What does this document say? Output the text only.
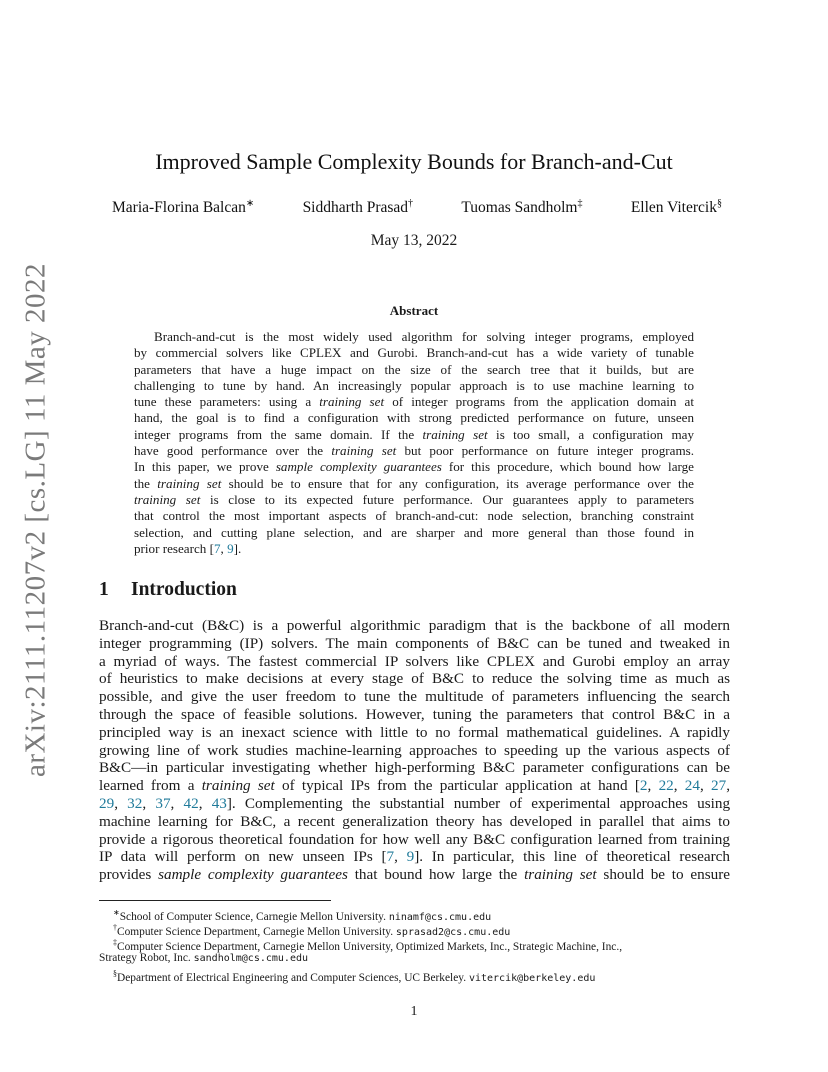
arXiv:2111.11207v2 [cs.LG] 11 May 2022
Improved Sample Complexity Bounds for Branch-and-Cut
Maria-Florina Balcan∗	Siddharth Prasad†	Tuomas Sandholm‡	Ellen Vitercik§
May 13, 2022
Abstract
Branch-and-cut is the most widely used algorithm for solving integer programs, employed
by commercial solvers like CPLEX and Gurobi. Branch-and-cut has a wide variety of tunable
parameters that have a huge impact on the size of the search tree that it builds, but are
challenging to tune by hand. An increasingly popular approach is to use machine learning to
tune these parameters: using a training set of integer programs from the application domain at
hand, the goal is to find a configuration with strong predicted performance on future, unseen
integer programs from the same domain. If the training set is too small, a configuration may
have good performance over the training set but poor performance on future integer programs.
In this paper, we prove sample complexity guarantees for this procedure, which bound how large
the training set should be to ensure that for any configuration, its average performance over the
training set is close to its expected future performance. Our guarantees apply to parameters
that control the most important aspects of branch-and-cut: node selection, branching constraint
selection, and cutting plane selection, and are sharper and more general than those found in
prior research [7, 9].
1 Introduction
Branch-and-cut (B&C) is a powerful algorithmic paradigm that is the backbone of all modern
integer programming (IP) solvers. The main components of B&C can be tuned and tweaked in
a myriad of ways. The fastest commercial IP solvers like CPLEX and Gurobi employ an array
of heuristics to make decisions at every stage of B&C to reduce the solving time as much as
possible, and give the user freedom to tune the multitude of parameters influencing the search
through the space of feasible solutions. However, tuning the parameters that control B&C in a
principled way is an inexact science with little to no formal mathematical guidelines. A rapidly
growing line of work studies machine-learning approaches to speeding up the various aspects of
B&C—in particular investigating whether high-performing B&C parameter configurations can be
learned from a training set of typical IPs from the particular application at hand [2, 22, 24, 27,
29, 32, 37, 42, 43]. Complementing the substantial number of experimental approaches using
machine learning for B&C, a recent generalization theory has developed in parallel that aims to
provide a rigorous theoretical foundation for how well any B&C configuration learned from training
IP data will perform on new unseen IPs [7, 9]. In particular, this line of theoretical research
provides sample complexity guarantees that bound how large the training set should be to ensure
∗School of Computer Science, Carnegie Mellon University. ninamf@cs.cmu.edu
†Computer Science Department, Carnegie Mellon University. sprasad2@cs.cmu.edu
‡Computer Science Department, Carnegie Mellon University, Optimized Markets, Inc., Strategic Machine, Inc.,
Strategy Robot, Inc. sandholm@cs.cmu.edu
§Department of Electrical Engineering and Computer Sciences, UC Berkeley. vitercik@berkeley.edu
1
